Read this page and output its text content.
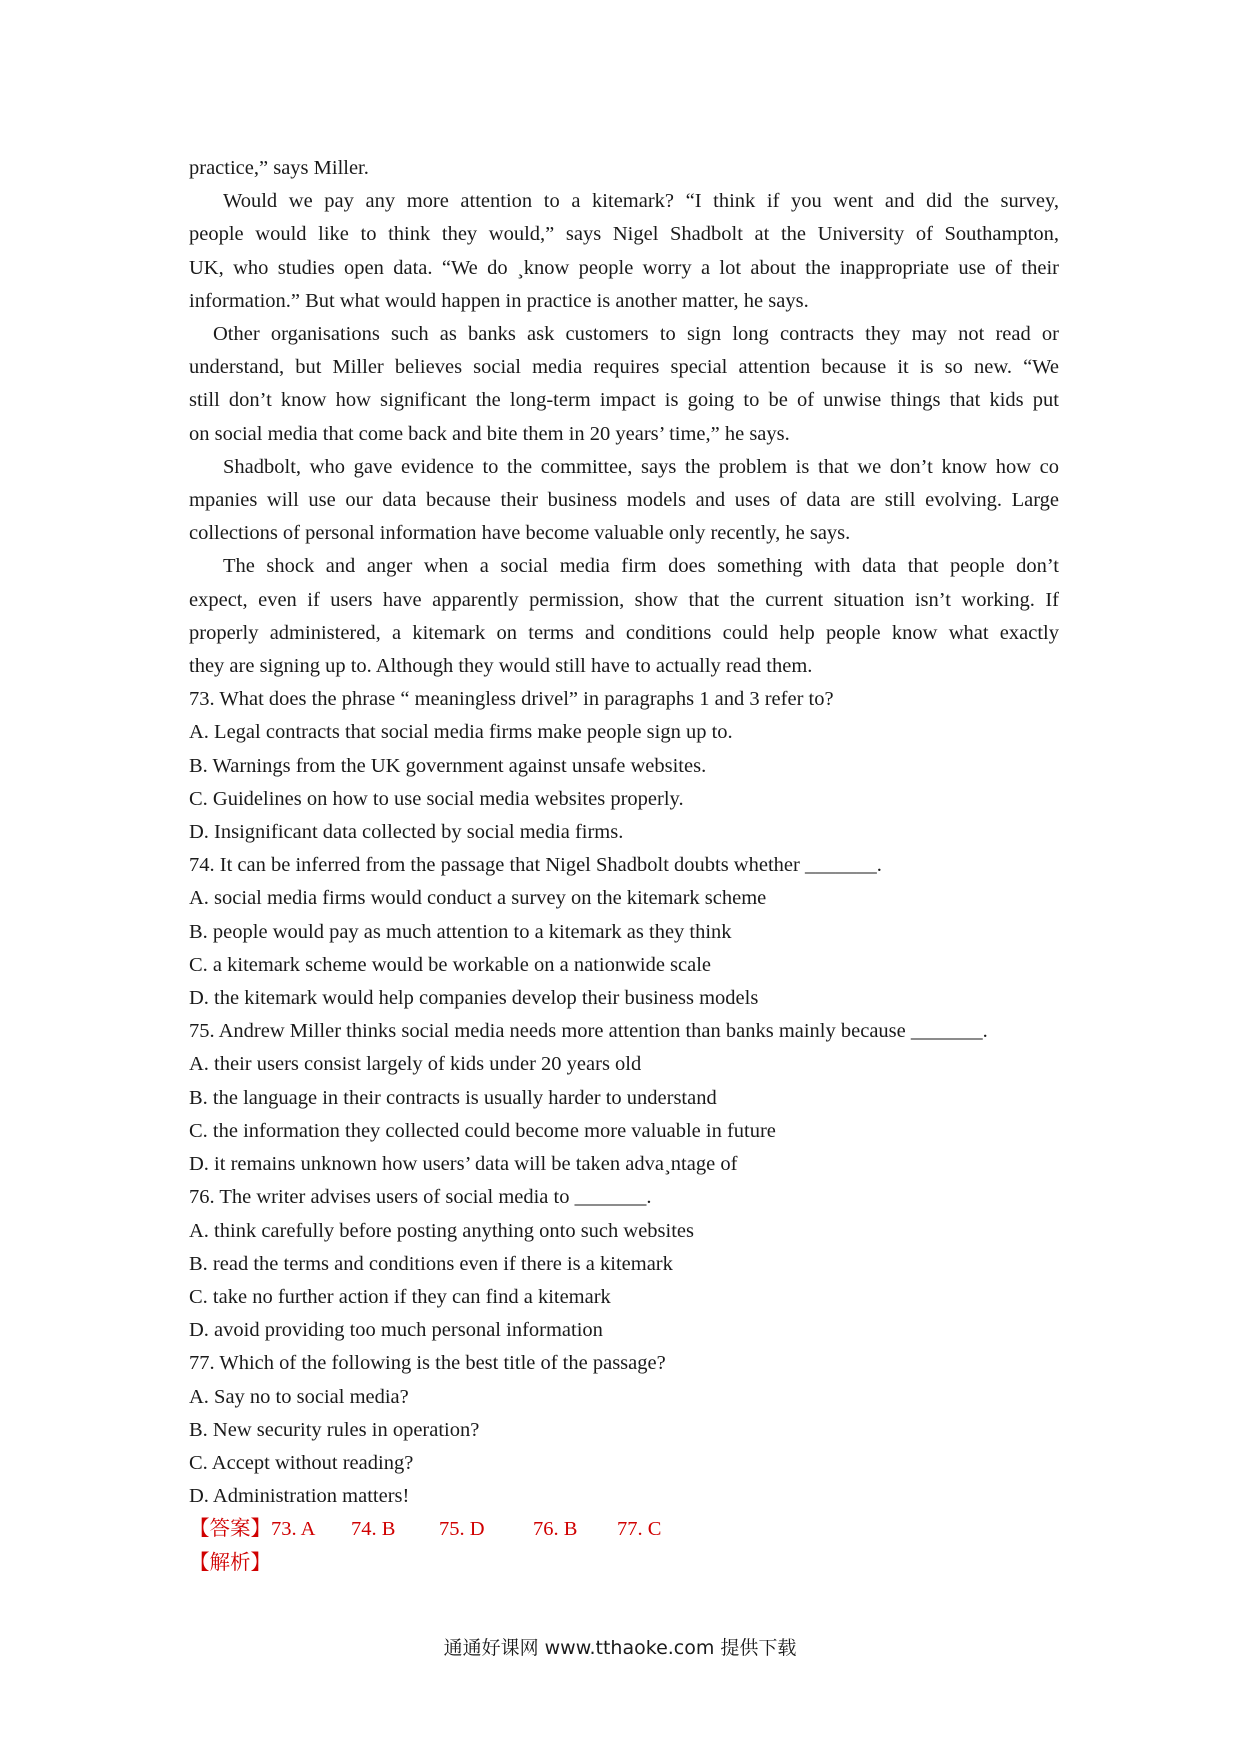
practice,” says Miller.
Would we pay any more attention to a kitemark? “I think if you went and did the survey,
people would like to think they would,” says Nigel Shadbolt at the University of Southampton,
UK, who studies open data. “We do ¸know people worry a lot about the inappropriate use of their
information.” But what would happen in practice is another matter, he says.
Other organisations such as banks ask customers to sign long contracts they may not read or
understand, but Miller believes social media requires special attention because it is so new. “We
still don’t know how significant the long-term impact is going to be of unwise things that kids put
on social media that come back and bite them in 20 years’ time,” he says.
Shadbolt, who gave evidence to the committee, says the problem is that we don’t know how co
mpanies will use our data because their business models and uses of data are still evolving. Large
collections of personal information have become valuable only recently, he says.
The shock and anger when a social media firm does something with data that people don’t
expect, even if users have apparently permission, show that the current situation isn’t working. If
properly administered, a kitemark on terms and conditions could help people know what exactly
they are signing up to. Although they would still have to actually read them.
73. What does the phrase “ meaningless drivel” in paragraphs 1 and 3 refer to?
A. Legal contracts that social media firms make people sign up to.
B. Warnings from the UK government against unsafe websites.
C. Guidelines on how to use social media websites properly.
D. Insignificant data collected by social media firms.
74. It can be inferred from the passage that Nigel Shadbolt doubts whether _______.
A. social media firms would conduct a survey on the kitemark scheme
B. people would pay as much attention to a kitemark as they think
C. a kitemark scheme would be workable on a nationwide scale
D. the kitemark would help companies develop their business models
75. Andrew Miller thinks social media needs more attention than banks mainly because _______.
A. their users consist largely of kids under 20 years old
B. the language in their contracts is usually harder to understand
C. the information they collected could become more valuable in future
D. it remains unknown how users’ data will be taken adva¸ntage of
76. The writer advises users of social media to _______.
A. think carefully before posting anything onto such websites
B. read the terms and conditions even if there is a kitemark
C. take no further action if they can find a kitemark
D. avoid providing too much personal information
77. Which of the following is the best title of the passage?
A. Say no to social media?
B. New security rules in operation?
C. Accept without reading?
D. Administration matters!
【答案】73. A 74. B 75. D 76. B 77. C
【解析】
通通好课网 www.tthaoke.com 提供下载
